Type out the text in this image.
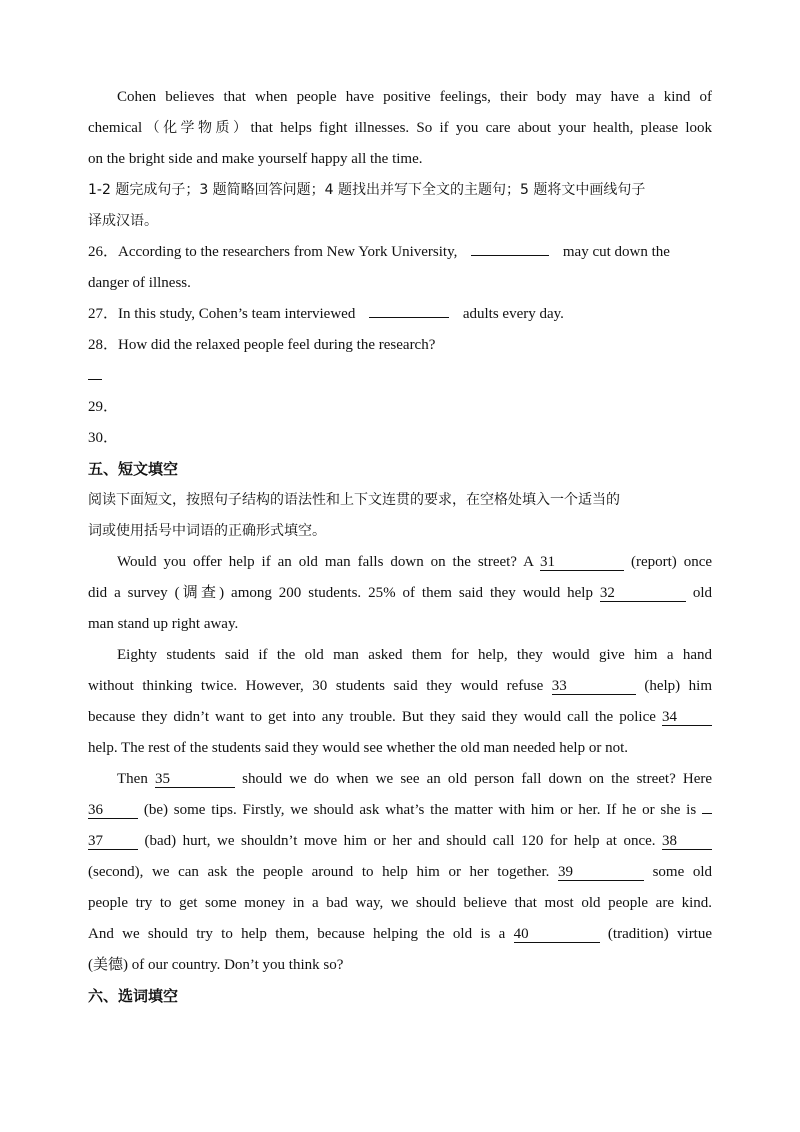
Cohen believes that when people have positive feelings, their body may have a kind of
chemical（化学物质）that helps fight illnesses. So if you care about your health, please look
on the bright side and make yourself happy all the time.
1-2 题完成句子；3 题简略回答问题；4 题找出并写下全文的主题句；5 题将文中画线句子
译成汉语。
26．According to the researchers from New York University,	may cut down the
danger of illness.
27．In this study, Cohen’s team interviewed	adults every day.
28．How did the relaxed people feel during the research?
29．
30．
五、短文填空
阅读下面短文，按照句子结构的语法性和上下文连贯的要求，在空格处填入一个适当的
词或使用括号中词语的正确形式填空。
Would you offer help if an old man falls down on the street? A 31	(report) once
did a survey (调查) among 200 students. 25% of them said they would help 32	old
man stand up right away.
Eighty students said if the old man asked them for help, they would give him a hand
without thinking twice. However, 30 students said they would refuse 33	(help) him
because they didn’t want to get into any trouble. But they said they would call the police 34
help. The rest of the students said they would see whether the old man needed help or not.
Then 35	should we do when we see an old person fall down on the street? Here
36	(be) some tips. Firstly, we should ask what’s the matter with him or her. If he or she is
37	(bad) hurt, we shouldn’t move him or her and should call 120 for help at once. 38
(second), we can ask the people around to help him or her together. 39	some old
people try to get some money in a bad way, we should believe that most old people are kind.
And we should try to help them, because helping the old is a 40	(tradition) virtue
(美德) of our country. Don’t you think so?
六、选词填空
